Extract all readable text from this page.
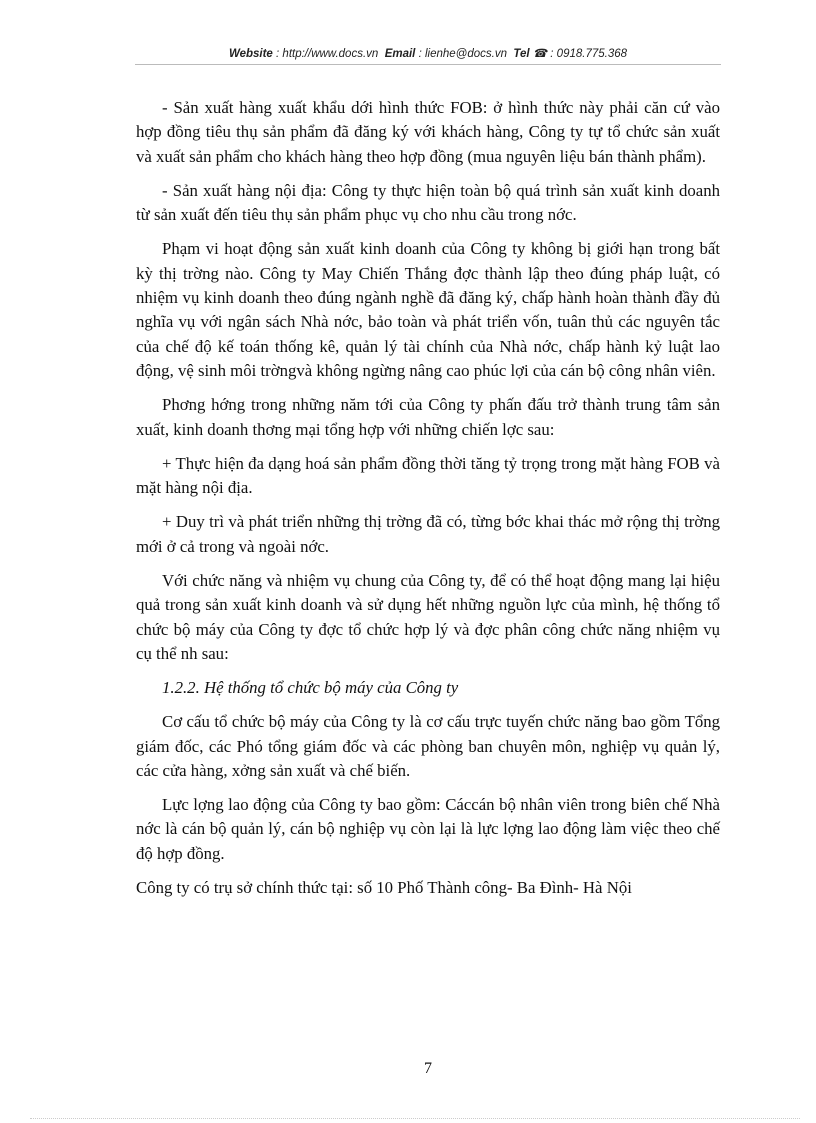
Website : http://www.docs.vn Email : lienhe@docs.vn Tel ☎ : 0918.775.368

- Sản xuất hàng xuất khẩu dới hình thức FOB: ở hình thức này phải căn cứ vào hợp đồng tiêu thụ sản phẩm đã đăng ký với khách hàng, Công ty tự tổ chức sản xuất và xuất sản phẩm cho khách hàng theo hợp đồng (mua nguyên liệu bán thành phẩm).

- Sản xuất hàng nội địa: Công ty thực hiện toàn bộ quá trình sản xuất kinh doanh từ sản xuất đến tiêu thụ sản phẩm phục vụ cho nhu cầu trong nớc.

Phạm vi hoạt động sản xuất kinh doanh của Công ty không bị giới hạn trong bất kỳ thị trờng nào. Công ty May Chiến Thắng đợc thành lập theo đúng pháp luật, có nhiệm vụ kinh doanh theo đúng ngành nghề đã đăng ký, chấp hành hoàn thành đầy đủ nghĩa vụ với ngân sách Nhà nớc, bảo toàn và phát triển vốn, tuân thủ các nguyên tắc của chế độ kế toán thống kê, quản lý tài chính của Nhà nớc, chấp hành kỷ luật lao động, vệ sinh môi trờngvà không ngừng nâng cao phúc lợi của cán bộ công nhân viên.

Phơng hớng trong những năm tới của Công ty phấn đấu trở thành trung tâm sản xuất, kinh doanh thơng mại tổng hợp với những chiến lợc sau:

+ Thực hiện đa dạng hoá sản phẩm đồng thời tăng tỷ trọng trong mặt hàng FOB và mặt hàng nội địa.

+ Duy trì và phát triển những thị trờng đã có, từng bớc khai thác mở rộng thị trờng mới ở cả trong và ngoài nớc.

Với chức năng và nhiệm vụ chung của Công ty, để có thể hoạt động mang lại hiệu quả trong sản xuất kinh doanh và sử dụng hết những nguồn lực của mình, hệ thống tổ chức bộ máy của Công ty đợc tổ chức hợp lý và đợc phân công chức năng nhiệm vụ cụ thể nh sau:

1.2.2. Hệ thống tổ chức bộ máy của Công ty

Cơ cấu tổ chức bộ máy của Công ty là cơ cấu trực tuyến chức năng bao gồm Tổng giám đốc, các Phó tổng giám đốc và các phòng ban chuyên môn, nghiệp vụ quản lý, các cửa hàng, xởng sản xuất và chế biến.

Lực lợng lao động của Công ty bao gồm: Cáccán bộ nhân viên trong biên chế Nhà nớc là cán bộ quản lý, cán bộ nghiệp vụ còn lại là lực lợng lao động làm việc theo chế độ hợp đồng.

Công ty có trụ sở chính thức tại: số 10 Phố Thành công- Ba Đình- Hà Nội

7
